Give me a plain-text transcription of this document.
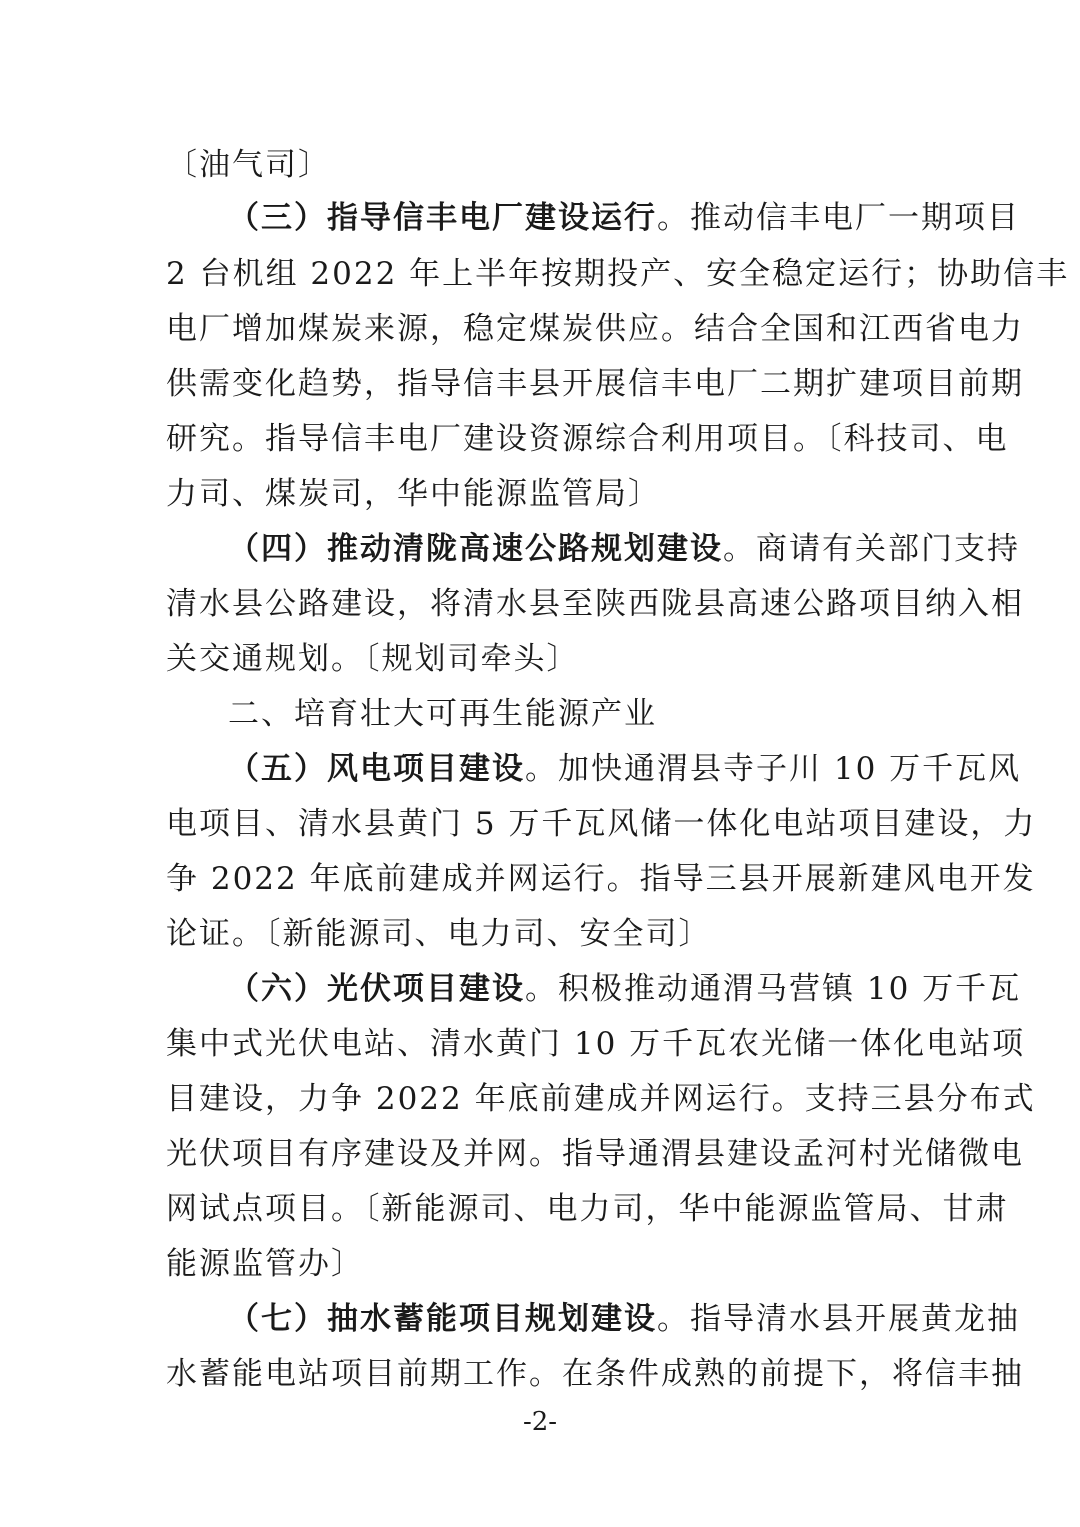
〔油气司〕
（三）指导信丰电厂建设运行。推动信丰电厂一期项目
2 台机组 2022 年上半年按期投产、安全稳定运行；协助信丰
电厂增加煤炭来源，稳定煤炭供应。结合全国和江西省电力
供需变化趋势，指导信丰县开展信丰电厂二期扩建项目前期
研究。指导信丰电厂建设资源综合利用项目。〔科技司、电
力司、煤炭司，华中能源监管局〕
（四）推动清陇高速公路规划建设。商请有关部门支持
清水县公路建设，将清水县至陕西陇县高速公路项目纳入相
关交通规划。〔规划司牵头〕
二、培育壮大可再生能源产业
（五）风电项目建设。加快通渭县寺子川 10 万千瓦风
电项目、清水县黄门 5 万千瓦风储一体化电站项目建设，力
争 2022 年底前建成并网运行。指导三县开展新建风电开发
论证。〔新能源司、电力司、安全司〕
（六）光伏项目建设。积极推动通渭马营镇 10 万千瓦
集中式光伏电站、清水黄门 10 万千瓦农光储一体化电站项
目建设，力争 2022 年底前建成并网运行。支持三县分布式
光伏项目有序建设及并网。指导通渭县建设孟河村光储微电
网试点项目。〔新能源司、电力司，华中能源监管局、甘肃
能源监管办〕
（七）抽水蓄能项目规划建设。指导清水县开展黄龙抽
水蓄能电站项目前期工作。在条件成熟的前提下，将信丰抽
-2-
